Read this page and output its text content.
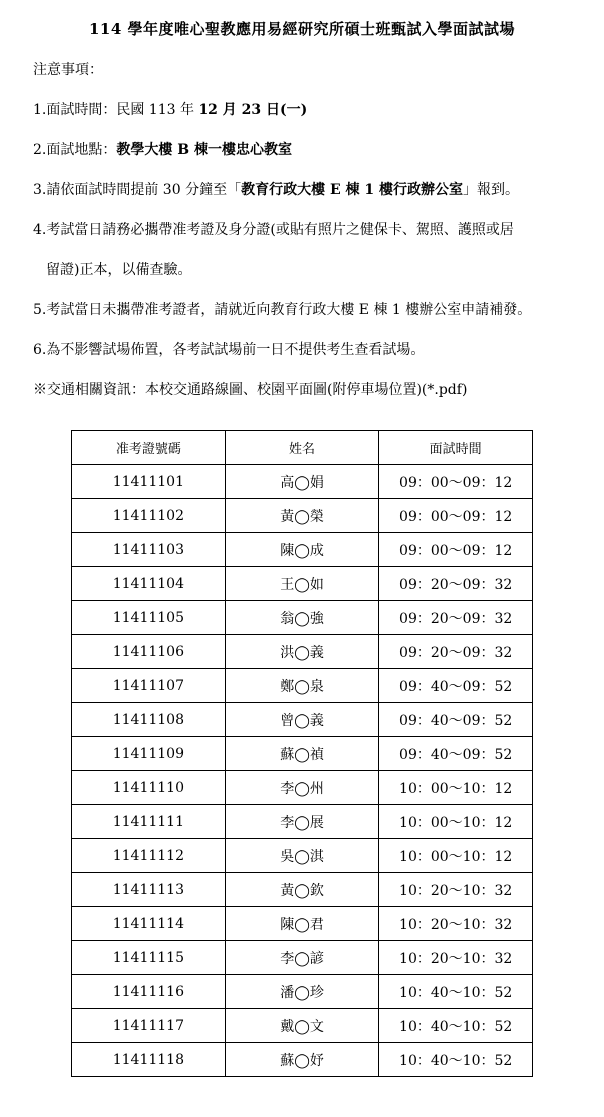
114 學年度唯心聖教應用易經研究所碩士班甄試入學面試試場
注意事項：
1.面試時間：民國 113 年 12 月 23 日(一)
2.面試地點：教學大樓 B 棟一樓忠心教室
3.請依面試時間提前 30 分鐘至「教育行政大樓 E 棟 1 樓行政辦公室」報到。
4.考試當日請務必攜帶准考證及身分證(或貼有照片之健保卡、駕照、護照或居
留證)正本，以備查驗。
5.考試當日未攜帶准考證者，請就近向教育行政大樓 E 棟 1 樓辦公室申請補發。
6.為不影響試場佈置，各考試試場前一日不提供考生查看試場。
※交通相關資訊：本校交通路線圖、校園平面圖(附停車場位置)(*.pdf)
准考證號碼	姓名	面試時間
11411101	高◯娟	09：00～09：12
11411102	黃◯榮	09：00～09：12
11411103	陳◯成	09：00～09：12
11411104	王◯如	09：20～09：32
11411105	翁◯強	09：20～09：32
11411106	洪◯義	09：20～09：32
11411107	鄭◯泉	09：40～09：52
11411108	曾◯義	09：40～09：52
11411109	蘇◯禎	09：40～09：52
11411110	李◯州	10：00～10：12
11411111	李◯展	10：00～10：12
11411112	吳◯淇	10：00～10：12
11411113	黃◯欽	10：20～10：32
11411114	陳◯君	10：20～10：32
11411115	李◯諺	10：20～10：32
11411116	潘◯珍	10：40～10：52
11411117	戴◯文	10：40～10：52
11411118	蘇◯妤	10：40～10：52
